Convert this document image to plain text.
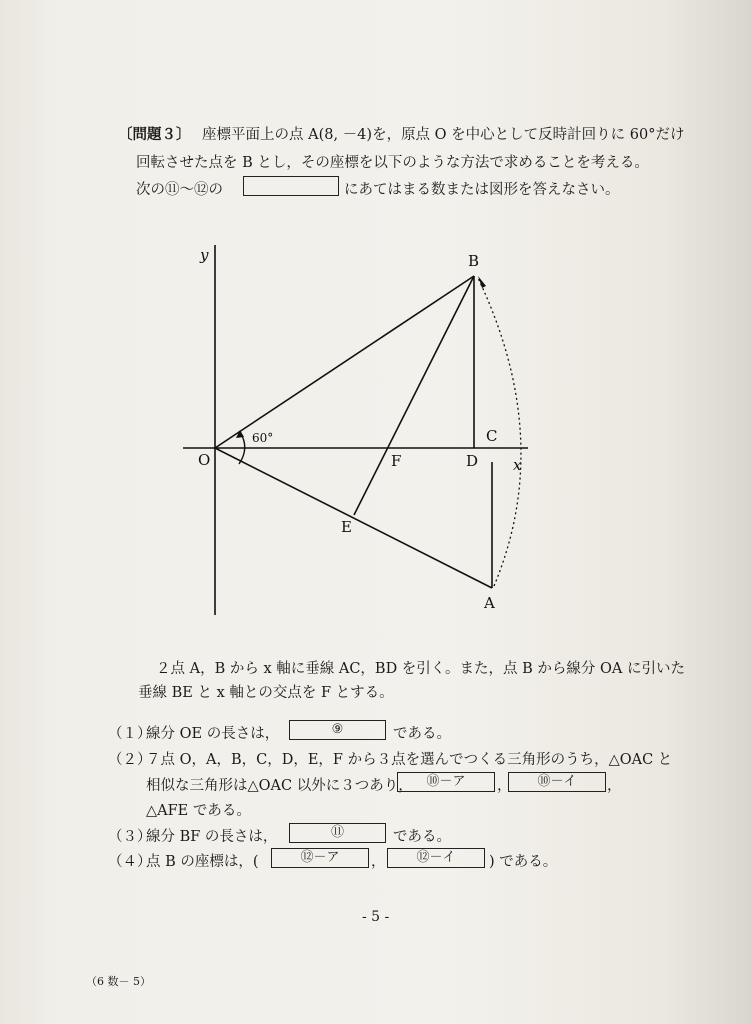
〔問題３〕 座標平面上の点 A(8, －4)を，原点 O を中心として反時計回りに 60°だけ
回転させた点を B とし，その座標を以下のような方法で求めることを考える。
次の⑪～⑫の	にあてはまる数または図形を答えなさい。
y
x
O
B
C
D
F
E
A
60°
２点 A，B から x 軸に垂線 AC，BD を引く。また，点 B から線分 OA に引いた
垂線 BE と x 軸との交点を F とする。
（１）
線分 OE の長さは，	⑨	である。
（２）
７点 O，A，B，C，D，E，F から３点を選んでつくる三角形のうち，△OAC と
相似な三角形は△OAC 以外に３つあり，	⑩－ア	，	⑩－イ	，
△AFE である。
（３）
線分 BF の長さは，	⑪	である。
（４）
点 B の座標は，(	⑫－ア	，	⑫－イ	) である。
- 5 -
（6 数－ 5）
